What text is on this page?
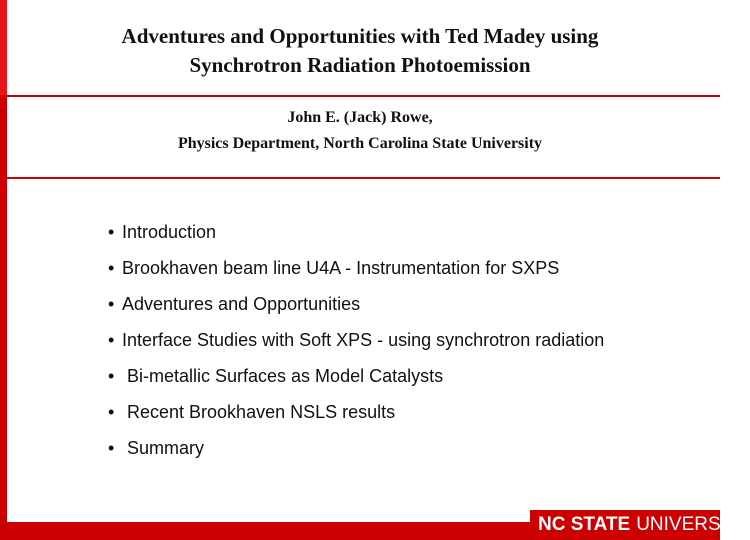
Adventures and Opportunities with Ted Madey using
Synchrotron Radiation Photoemission
John E. (Jack) Rowe,
Physics Department, North Carolina State University
• Introduction
• Brookhaven beam line U4A - Instrumentation for SXPS
• Adventures and Opportunities
• Interface Studies with Soft XPS - using synchrotron radiation
• Bi-metallic Surfaces as Model Catalysts
• Recent Brookhaven NSLS results
• Summary
NC STATE UNIVERSITY
